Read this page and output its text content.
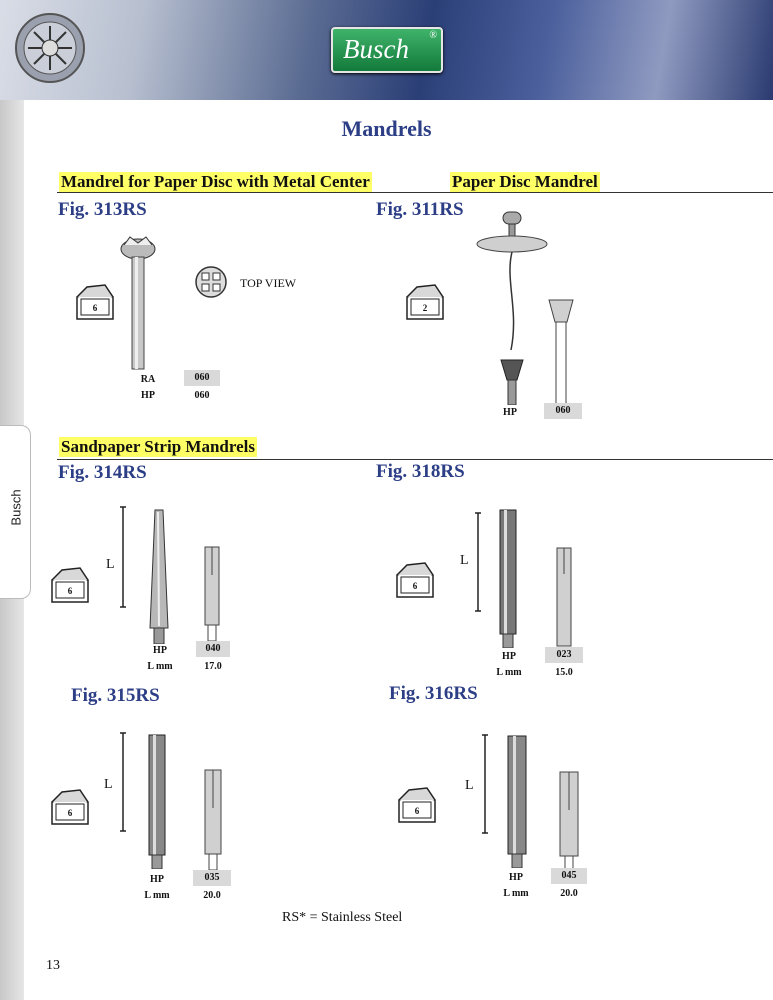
Busch ®
Busch
Mandrels
Mandrel for Paper Disc with Metal Center	Paper Disc Mandrel
Fig. 313RS
6
TOP VIEW
RA	060
HP	060
Fig. 311RS
2
HP	060
Sandpaper Strip Mandrels
Fig. 314RS
6
L
HP	040
L mm	17.0
Fig. 318RS
6
L
HP	023
L mm	15.0
Fig. 315RS
6
L
HP	035
L mm	20.0
Fig. 316RS
6
L
HP	045
L mm	20.0
RS* = Stainless Steel
13
